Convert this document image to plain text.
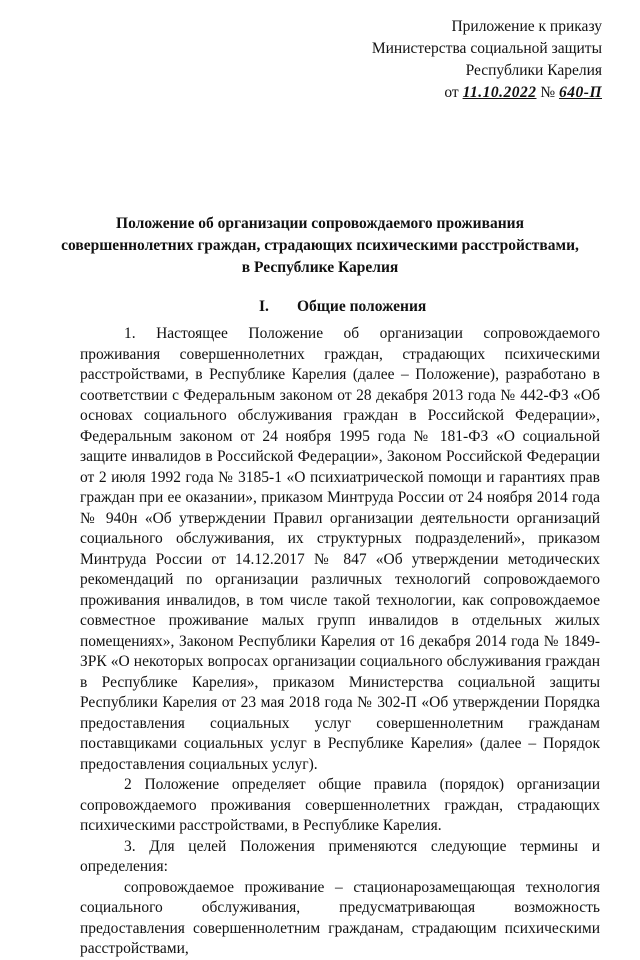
Приложение к приказу
Министерства социальной защиты
Республики Карелия
от 11.10.2022 № 640-П
Положение об организации сопровождаемого проживания
совершеннолетних граждан, страдающих психическими расстройствами,
в Республике Карелия
I. Общие положения

1. Настоящее Положение об организации сопровождаемого проживания совершеннолетних граждан, страдающих психическими расстройствами, в Республике Карелия (далее – Положение), разработано в соответствии с Федеральным законом от 28 декабря 2013 года № 442-ФЗ «Об основах социального обслуживания граждан в Российской Федерации», Федеральным законом от 24 ноября 1995 года № 181-ФЗ «О социальной защите инвалидов в Российской Федерации», Законом Российской Федерации от 2 июля 1992 года № 3185-1 «О психиатрической помощи и гарантиях прав граждан при ее оказании», приказом Минтруда России от 24 ноября 2014 года № 940н «Об утверждении Правил организации деятельности организаций социального обслуживания, их структурных подразделений», приказом Минтруда России от 14.12.2017 № 847 «Об утверждении методических рекомендаций по организации различных технологий сопровождаемого проживания инвалидов, в том числе такой технологии, как сопровождаемое совместное проживание малых групп инвалидов в отдельных жилых помещениях», Законом Республики Карелия от 16 декабря 2014 года № 1849-ЗРК «О некоторых вопросах организации социального обслуживания граждан в Республике Карелия», приказом Министерства социальной защиты Республики Карелия от 23 мая 2018 года № 302-П «Об утверждении Порядка предоставления социальных услуг совершеннолетним гражданам поставщиками социальных услуг в Республике Карелия» (далее – Порядок предоставления социальных услуг).

2 Положение определяет общие правила (порядок) организации сопровождаемого проживания совершеннолетних граждан, страдающих психическими расстройствами, в Республике Карелия.

3. Для целей Положения применяются следующие термины и определения:

сопровождаемое проживание – стационарозамещающая технология социального обслуживания, предусматривающая возможность предоставления совершеннолетним гражданам, страдающим психическими расстройствами,
